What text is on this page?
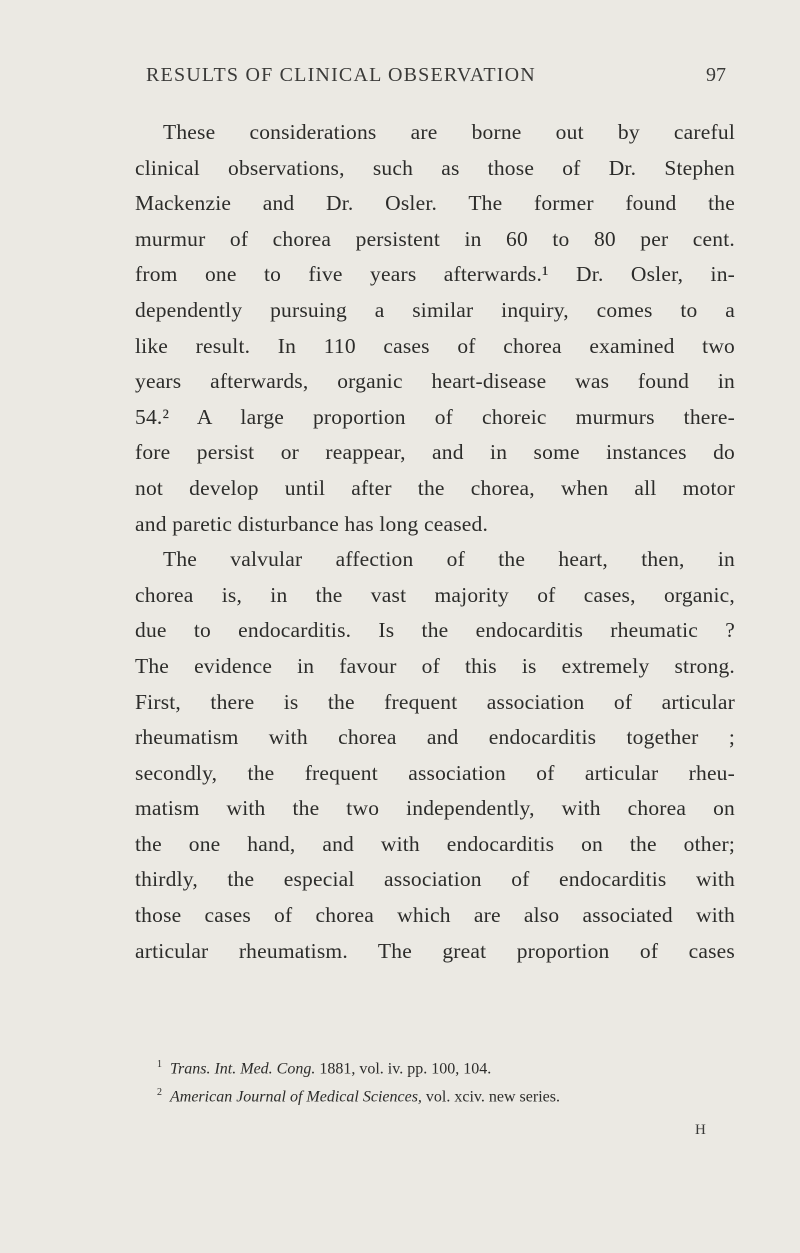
RESULTS OF CLINICAL OBSERVATION	97
These considerations are borne out by careful
clinical observations, such as those of Dr. Stephen
Mackenzie and Dr. Osler. The former found the
murmur of chorea persistent in 60 to 80 per cent.
from one to five years afterwards.¹ Dr. Osler, in-
dependently pursuing a similar inquiry, comes to a
like result. In 110 cases of chorea examined two
years afterwards, organic heart-disease was found in
54.² A large proportion of choreic murmurs there-
fore persist or reappear, and in some instances do
not develop until after the chorea, when all motor
and paretic disturbance has long ceased.
The valvular affection of the heart, then, in
chorea is, in the vast majority of cases, organic,
due to endocarditis. Is the endocarditis rheumatic ?
The evidence in favour of this is extremely strong.
First, there is the frequent association of articular
rheumatism with chorea and endocarditis together ;
secondly, the frequent association of articular rheu-
matism with the two independently, with chorea on
the one hand, and with endocarditis on the other;
thirdly, the especial association of endocarditis with
those cases of chorea which are also associated with
articular rheumatism. The great proportion of cases
$^1$ Trans. Int. Med. Cong. 1881, vol. iv. pp. 100, 104.
$^2$ American Journal of Medical Sciences, vol. xciv. new series.
H
